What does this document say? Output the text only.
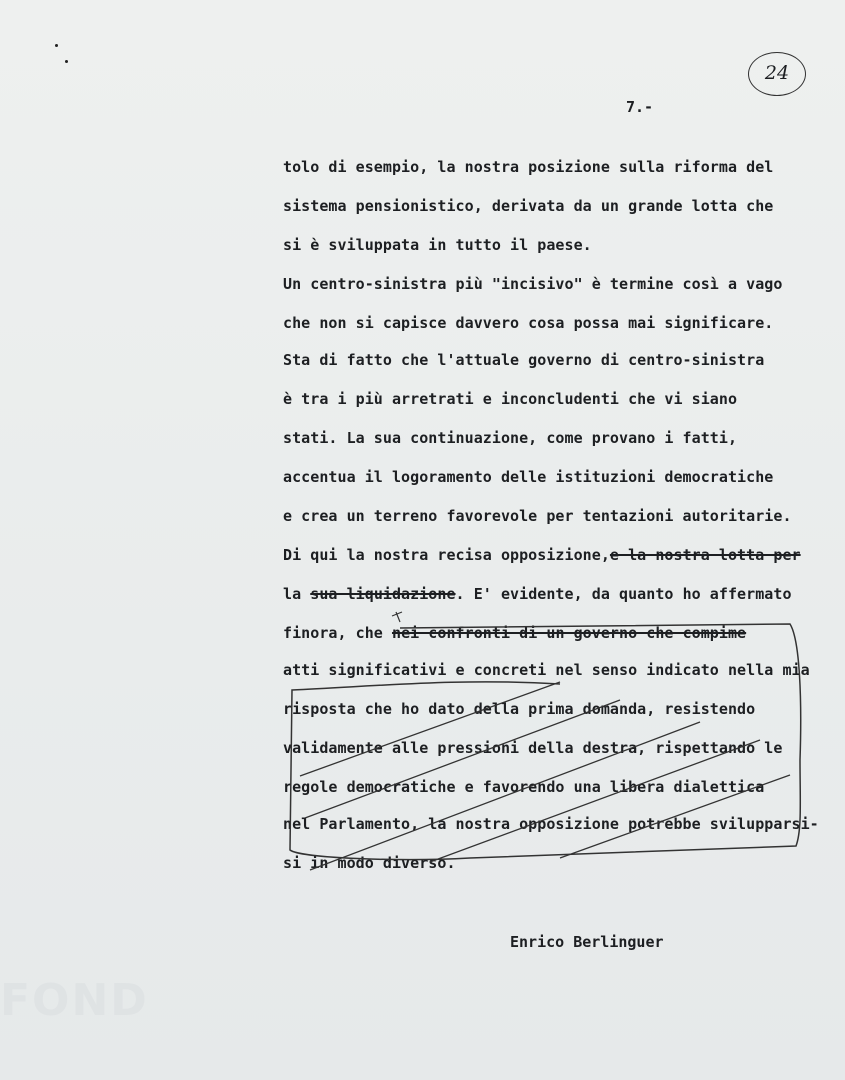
FOND
24
7.-
tolo di esempio, la nostra posizione sulla riforma del
sistema pensionistico, derivata da un grande lotta che
si è sviluppata in tutto il paese.
Un centro-sinistra più "incisivo" è termine così a vago
che non si capisce davvero cosa possa mai significare.
Sta di fatto che l'attuale governo di centro-sinistra
è tra i più arretrati e inconcludenti che vi siano
stati. La sua continuazione, come provano i fatti,
accentua il logoramento delle istituzioni democratiche
e crea un terreno favorevole per tentazioni autoritarie.
Di qui la nostra recisa opposizione,e la nostra lotta per
la sua liquidazione. E' evidente, da quanto ho affermato
finora, che nei confronti di un governo che compime
atti significativi e concreti nel senso indicato nella mia
risposta che ho dato della prima domanda, resistendo
validamente alle pressioni della destra, rispettando le
regole democratiche e favorendo una libera dialettica
nel Parlamento, la nostra opposizione potrebbe svilupparsi-
si in modo diverso.
Enrico Berlinguer
